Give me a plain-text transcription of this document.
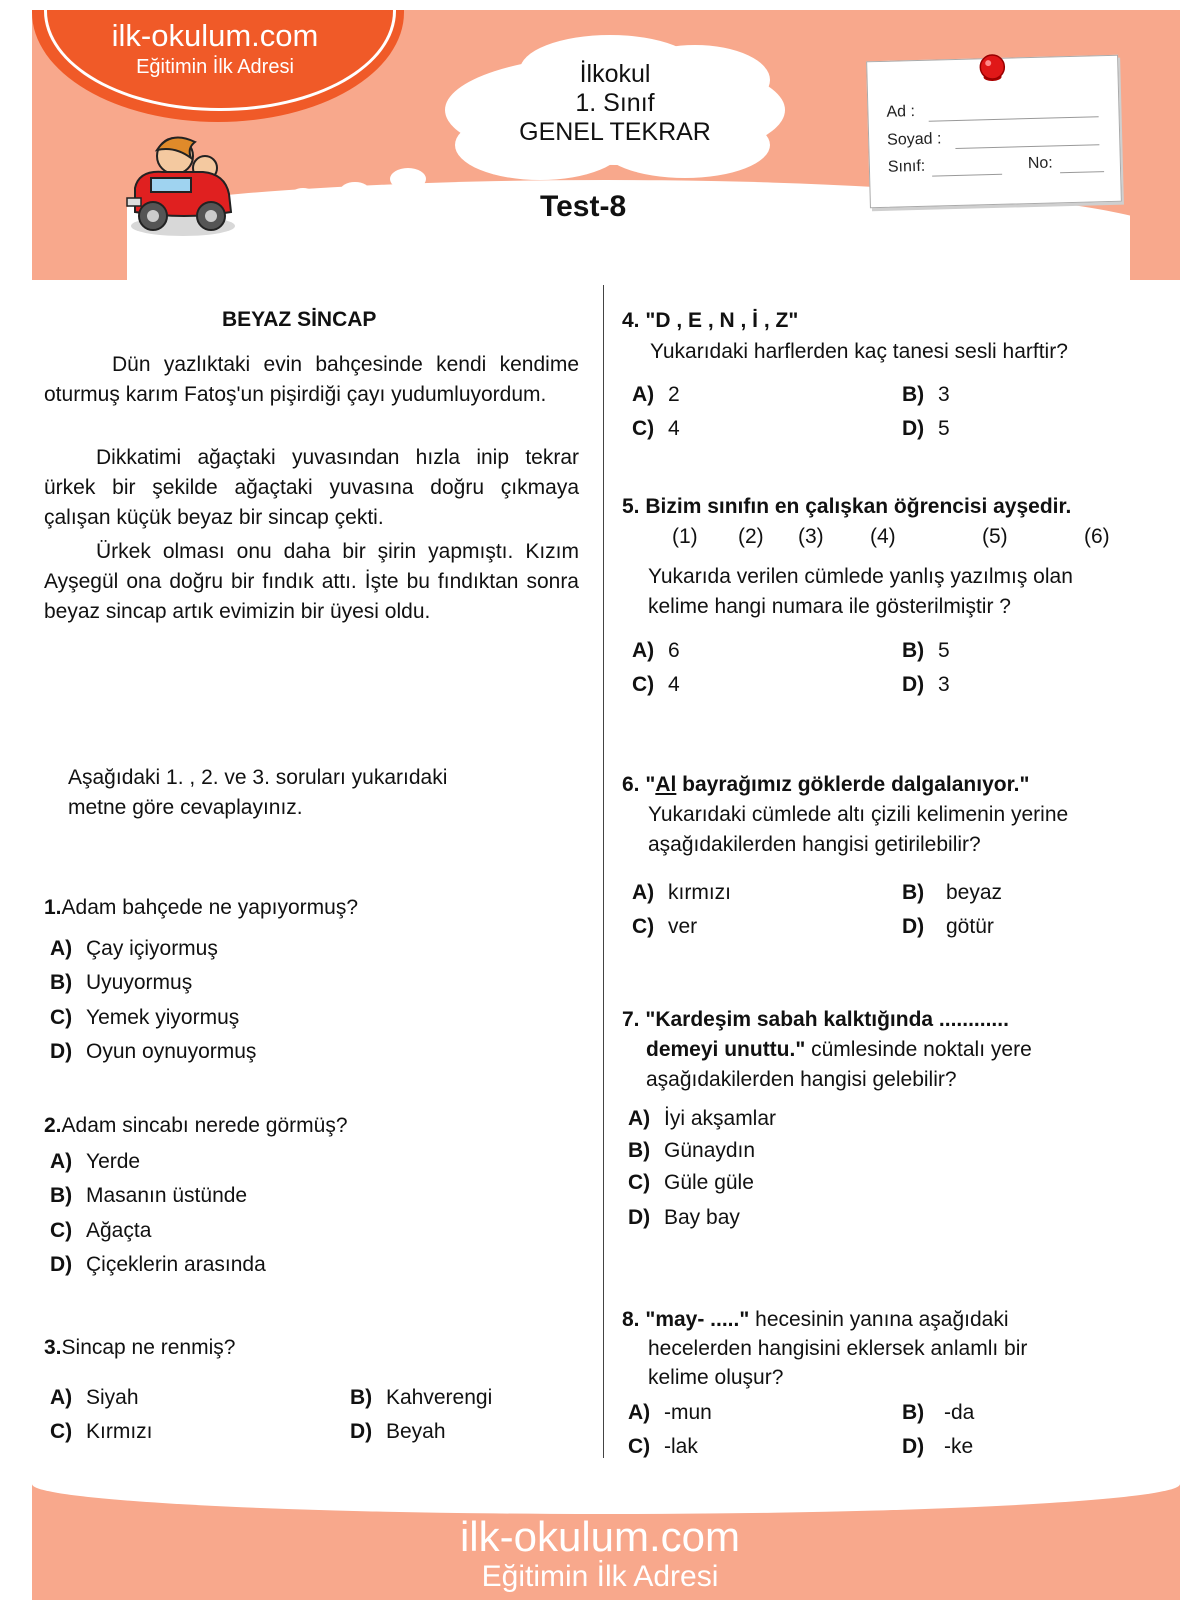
ilk-okulum.com
Eğitimin İlk Adresi	İlkokul
1. Sınıf
GENEL TEKRAR
Ad :
Soyad :
Sınıf:	No:
Test-8
BEYAZ SİNCAP
Dün yazlıktaki evin bahçesinde kendi kendime oturmuş karım Fatoş'un pişirdiği çayı yudumluyordum.
Dikkatimi ağaçtaki yuvasından hızla inip tekrar ürkek bir şekilde ağaçtaki yuvasına doğru çıkmaya çalışan küçük beyaz bir sincap çekti.
Ürkek olması onu daha bir şirin yapmıştı. Kızım Ayşegül ona doğru bir fındık attı. İşte bu fındıktan sonra beyaz sincap artık evimizin bir üyesi oldu.
Aşağıdaki 1. , 2. ve 3. soruları yukarıdaki
metne göre cevaplayınız.
1.Adam bahçede ne yapıyormuş?
A) Çay içiyormuş
B) Uyuyormuş
C) Yemek yiyormuş
D) Oyun oynuyormuş
2.Adam sincabı nerede görmüş?
A) Yerde
B) Masanın üstünde
C) Ağaçta
D) Çiçeklerin arasında
3.Sincap ne renmiş?
A) Siyah	B) Kahverengi
C) Kırmızı	D) Beyah
4. "D , E , N , İ , Z"
Yukarıdaki harflerden kaç tanesi sesli harftir?
A) 2	B) 3
C) 4	D) 5
5. Bizim sınıfın en çalışkan öğrencisi ayşedir.
(1) (2) (3) (4)	(5)	(6)
Yukarıda verilen cümlede yanlış yazılmış olan
kelime hangi numara ile gösterilmiştir ?
A) 6	B) 5
C) 4	D) 3
6. "Al bayrağımız göklerde dalgalanıyor."
Yukarıdaki cümlede altı çizili kelimenin yerine
aşağıdakilerden hangisi getirilebilir?
A) kırmızı	B) beyaz
C) ver	D) götür
7. "Kardeşim sabah kalktığında ............
demeyi unuttu." cümlesinde noktalı yere
aşağıdakilerden hangisi gelebilir?
A) İyi akşamlar
B) Günaydın
C) Güle güle
D) Bay bay
8. "may- ....." hecesinin yanına aşağıdaki
hecelerden hangisini eklersek anlamlı bir
kelime oluşur?
A) -mun	B) -da
C) -lak	D) -ke
ilk-okulum.com
Eğitimin İlk Adresi
